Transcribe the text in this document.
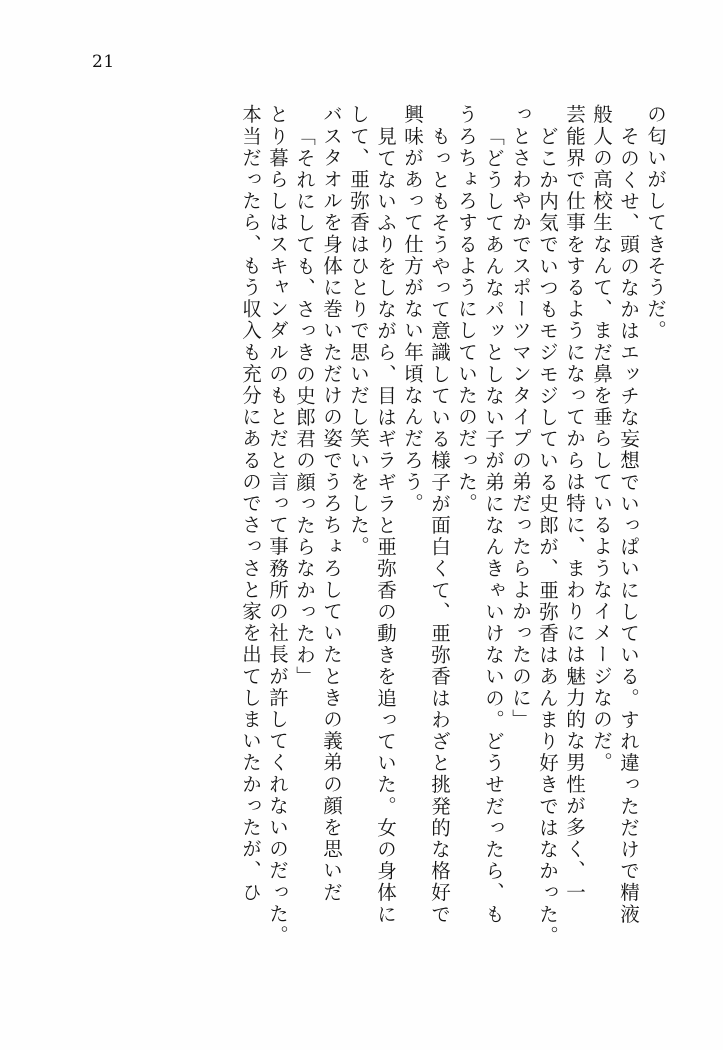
21
本当だったら、もう収入も充分にあるのでさっさと家を出てしまいたかったが、ひ とり暮らしはスキャンダルのもとだと言って事務所の社長が許してくれないのだった。 「それにしても、さっきの史郎君の顔ったらなかったわ」 バスタオルを身体に巻いただけの姿でうろちょろしていたときの義弟の顔を思いだ して、亜弥香はひとりで思いだし笑いをした。 見てないふりをしながら、目はギラギラと亜弥香の動きを追っていた。女の身体に 興味があって仕方がない年頃なんだろう。 もっともそうやって意識している様子が面白くて、亜弥香はわざと挑発的な格好で うろちょろするようにしていたのだった。 「どうしてあんなパッとしない子が弟になんきゃいけないの。どうせだったら、も っとさわやかでスポーツマンタイプの弟だったらよかったのに」 どこか内気でいつもモジモジしている史郎が、亜弥香はあんまり好きではなかった。 芸能界で仕事をするようになってからは特に、まわりには魅力的な男性が多く、一 般人の高校生なんて、まだ鼻を垂らしているようなイメージなのだ。 そのくせ、頭のなかはエッチな妄想でいっぱいにしている。すれ違っただけで精液 の匂いがしてきそうだ。
